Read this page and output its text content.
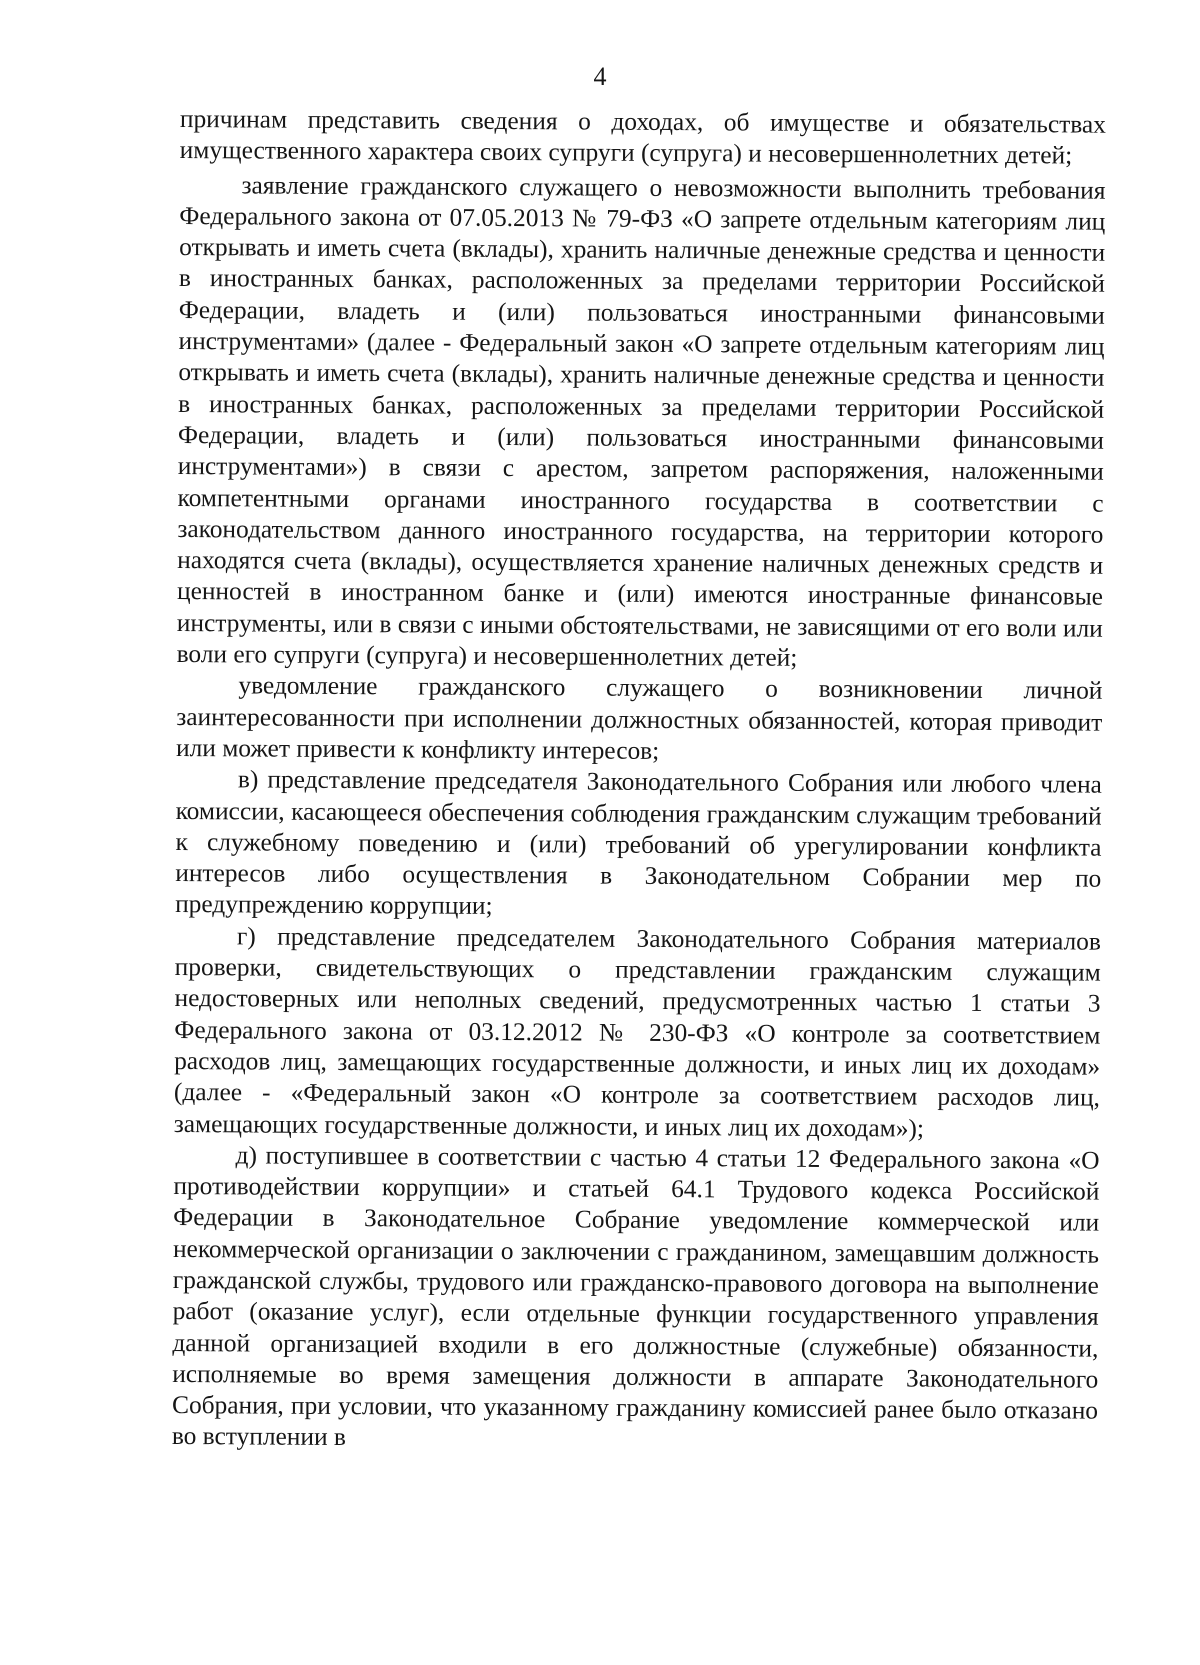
4

причинам представить сведения о доходах, об имуществе и обязательствах имущественного характера своих супруги (супруга) и несовершеннолетних детей;

заявление гражданского служащего о невозможности выполнить требования Федерального закона от 07.05.2013 № 79-ФЗ «О запрете отдельным категориям лиц открывать и иметь счета (вклады), хранить наличные денежные средства и ценности в иностранных банках, расположенных за пределами территории Российской Федерации, владеть и (или) пользоваться иностранными финансовыми инструментами» (далее - Федеральный закон «О запрете отдельным категориям лиц открывать и иметь счета (вклады), хранить наличные денежные средства и ценности в иностранных банках, расположенных за пределами территории Российской Федерации, владеть и (или) пользоваться иностранными финансовыми инструментами») в связи с арестом, запретом распоряжения, наложенными компетентными органами иностранного государства в соответствии с законодательством данного иностранного государства, на территории которого находятся счета (вклады), осуществляется хранение наличных денежных средств и ценностей в иностранном банке и (или) имеются иностранные финансовые инструменты, или в связи с иными обстоятельствами, не зависящими от его воли или воли его супруги (супруга) и несовершеннолетних детей;

уведомление гражданского служащего о возникновении личной заинтересованности при исполнении должностных обязанностей, которая приводит или может привести к конфликту интересов;

в) представление председателя Законодательного Собрания или любого члена комиссии, касающееся обеспечения соблюдения гражданским служащим требований к служебному поведению и (или) требований об урегулировании конфликта интересов либо осуществления в Законодательном Собрании мер по предупреждению коррупции;

г) представление председателем Законодательного Собрания материалов проверки, свидетельствующих о представлении гражданским служащим недостоверных или неполных сведений, предусмотренных частью 1 статьи 3 Федерального закона от 03.12.2012 № 230-ФЗ «О контроле за соответствием расходов лиц, замещающих государственные должности, и иных лиц их доходам» (далее - «Федеральный закон «О контроле за соответствием расходов лиц, замещающих государственные должности, и иных лиц их доходам»);

д) поступившее в соответствии с частью 4 статьи 12 Федерального закона «О противодействии коррупции» и статьей 64.1 Трудового кодекса Российской Федерации в Законодательное Собрание уведомление коммерческой или некоммерческой организации о заключении с гражданином, замещавшим должность гражданской службы, трудового или гражданско-правового договора на выполнение работ (оказание услуг), если отдельные функции государственного управления данной организацией входили в его должностные (служебные) обязанности, исполняемые во время замещения должности в аппарате Законодательного Собрания, при условии, что указанному гражданину комиссией ранее было отказано во вступлении в
